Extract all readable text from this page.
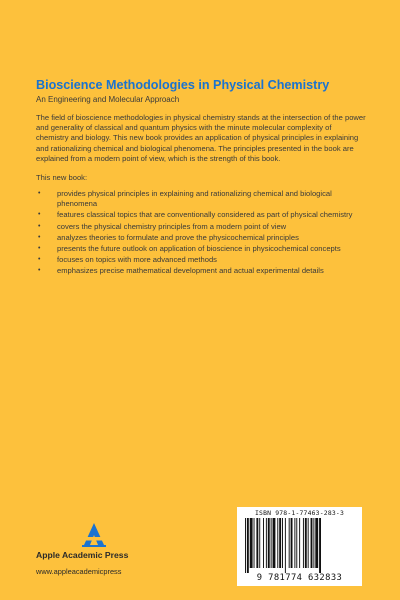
Bioscience Methodologies in Physical Chemistry

An Engineering and Molecular Approach

The field of bioscience methodologies in physical chemistry stands at the intersection of the power and generality of classical and quantum physics with the minute molecular complexity of chemistry and biology. This new book provides an application of physical principles in explaining and rationalizing chemical and biological phenomena. The principles presented in the book are explained from a modern point of view, which is the strength of this book.

This new book:

• provides physical principles in explaining and rationalizing chemical and biological phenomena
• features classical topics that are conventionally considered as part of physical chemistry
• covers the physical chemistry principles from a modern point of view
• analyzes theories to formulate and prove the physicochemical principles
• presents the future outlook on application of bioscience in physicochemical concepts
• focuses on topics with more advanced methods
• emphasizes precise mathematical development and actual experimental details
Apple Academic Press
www.appleacademicpress
ISBN 978-1-77463-283-3
9 781774 632833
